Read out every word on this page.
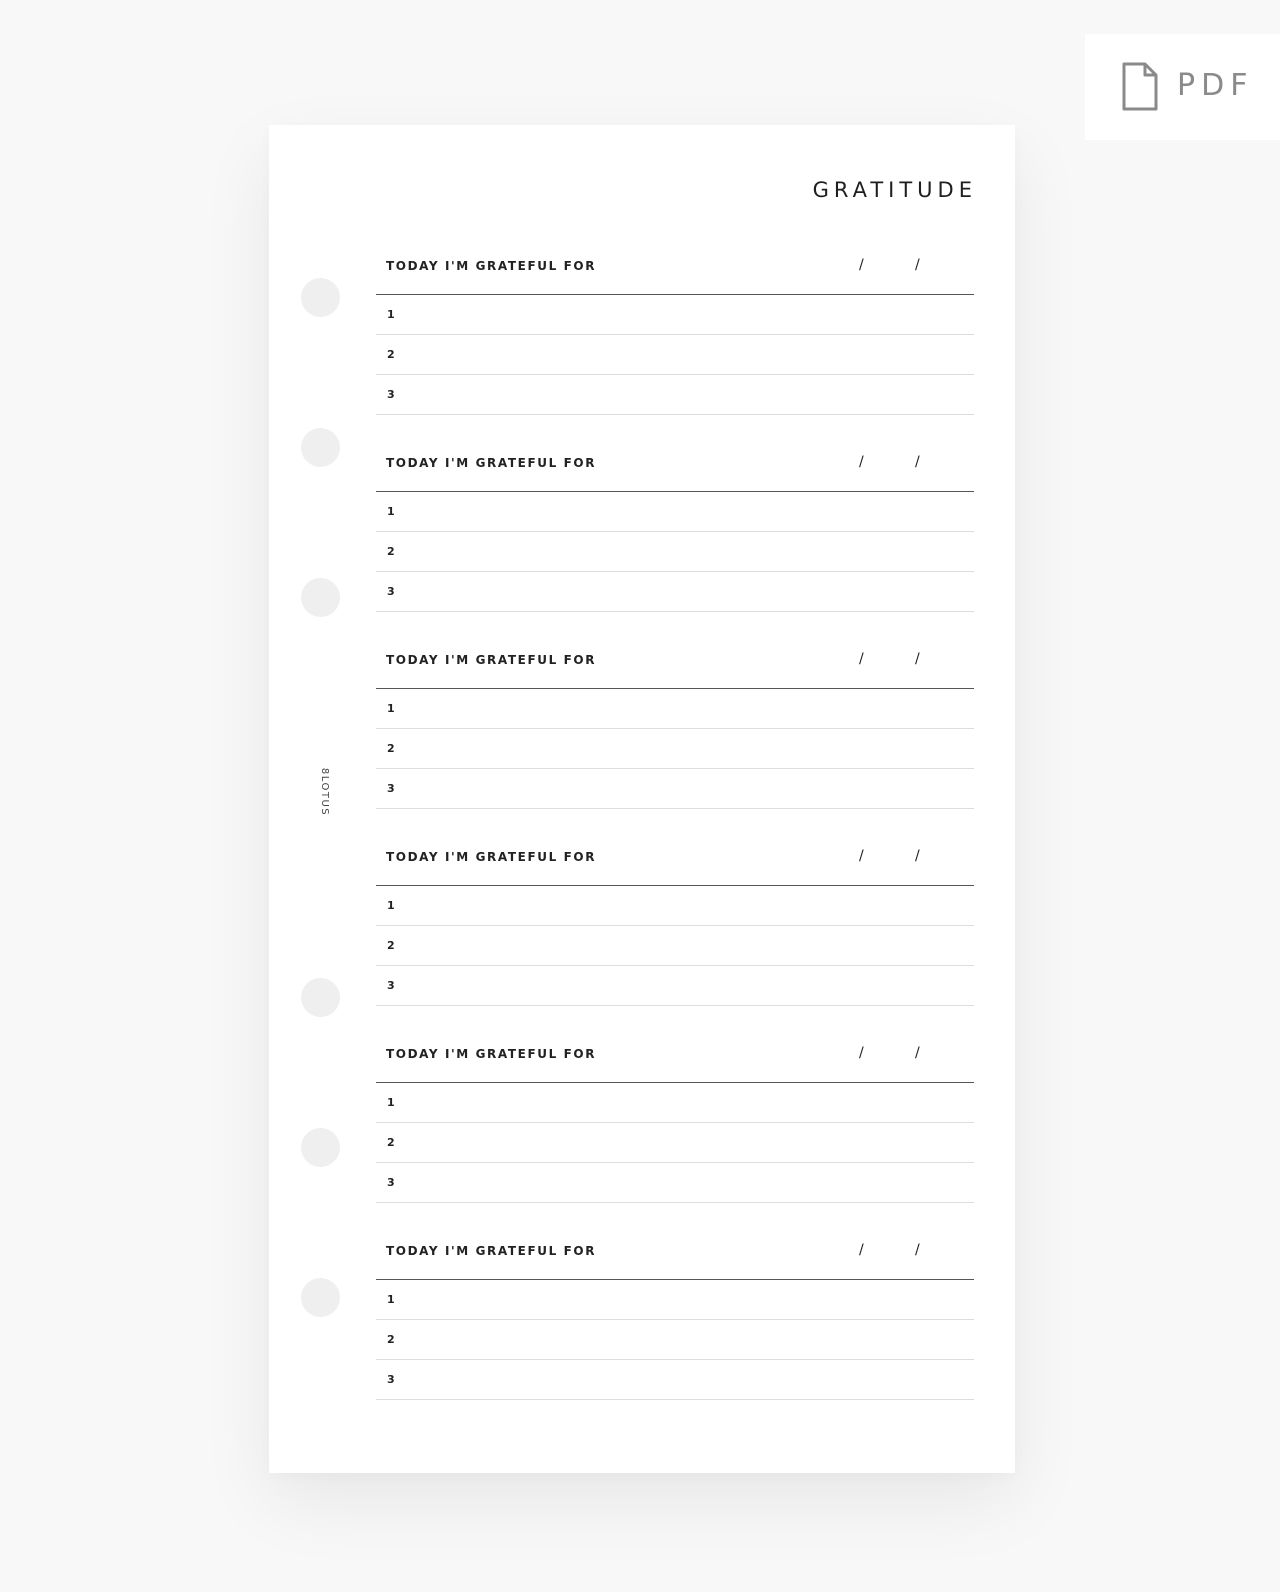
PDF
8LOTUS
GRATITUDE
TODAY I'M GRATEFUL FOR	/	/
1
2
3
TODAY I'M GRATEFUL FOR	/	/
1
2
3
TODAY I'M GRATEFUL FOR	/	/
1
2
3
TODAY I'M GRATEFUL FOR	/	/
1
2
3
TODAY I'M GRATEFUL FOR	/	/
1
2
3
TODAY I'M GRATEFUL FOR	/	/
1
2
3
